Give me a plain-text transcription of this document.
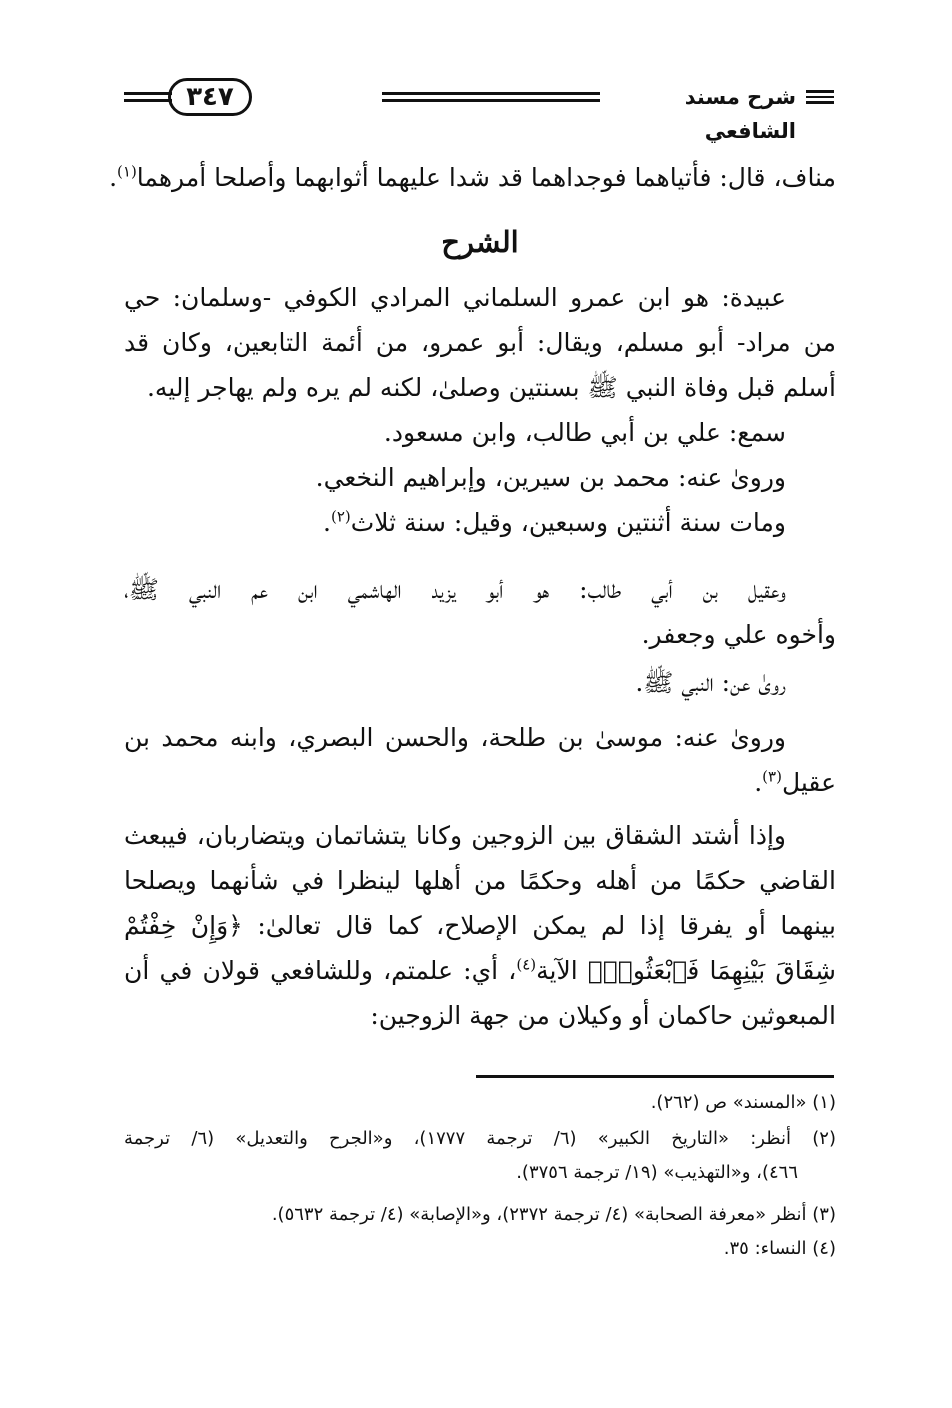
٣٤٧	شرح مسند الشافعي
مناف، قال: فأتياهما فوجداهما قد شدا عليهما أثوابهما وأصلحا أمرهما$^{(١)}$.
الشرح
عبيدة: هو ابن عمرو السلماني المرادي الكوفي -وسلمان: حي
من مراد- أبو مسلم، ويقال: أبو عمرو، من أئمة التابعين، وكان قد
أسلم قبل وفاة النبي ﷺ بسنتين وصلىٰ، لكنه لم يره ولم يهاجر إليه.
سمع: علي بن أبي طالب، وابن مسعود.
وروىٰ عنه: محمد بن سيرين، وإبراهيم النخعي.
ومات سنة أثنتين وسبعين، وقيل: سنة ثلاث$^{(٢)}$.
وعقيل بن أبي طالب: هو أبو يزيد الهاشمي ابن عم النبي ﷺ،
وأخوه علي وجعفر.
روىٰ عن: النبي ﷺ.
وروىٰ عنه: موسىٰ بن طلحة، والحسن البصري، وابنه محمد بن
عقيل$^{(٣)}$.
وإذا أشتد الشقاق بين الزوجين وكانا يتشاتمان ويتضاربان، فيبعث
القاضي حكمًا من أهله وحكمًا من أهلها لينظرا في شأنهما ويصلحا
بينهما أو يفرقا إذا لم يمكن الإصلاح، كما قال تعالىٰ: ﴿وَإِنْ خِفْتُمْ
شِقَاقَ بَيْنِهِمَا فَٱبْعَثُوا۟﴾ الآية$^{(٤)}$، أي: علمتم، وللشافعي قولان في أن
المبعوثين حاكمان أو وكيلان من جهة الزوجين:
(١) «المسند» ص (٢٦٢).
(٢) أنظر: «التاريخ الكبير» (٦/ ترجمة ١٧٧٧)، و«الجرح والتعديل» (٦/ ترجمة
٤٦٦)، و«التهذيب» (١٩/ ترجمة ٣٧٥٦).
(٣) أنظر «معرفة الصحابة» (٤/ ترجمة ٢٣٧٢)، و«الإصابة» (٤/ ترجمة ٥٦٣٢).
(٤) النساء: ٣٥.
